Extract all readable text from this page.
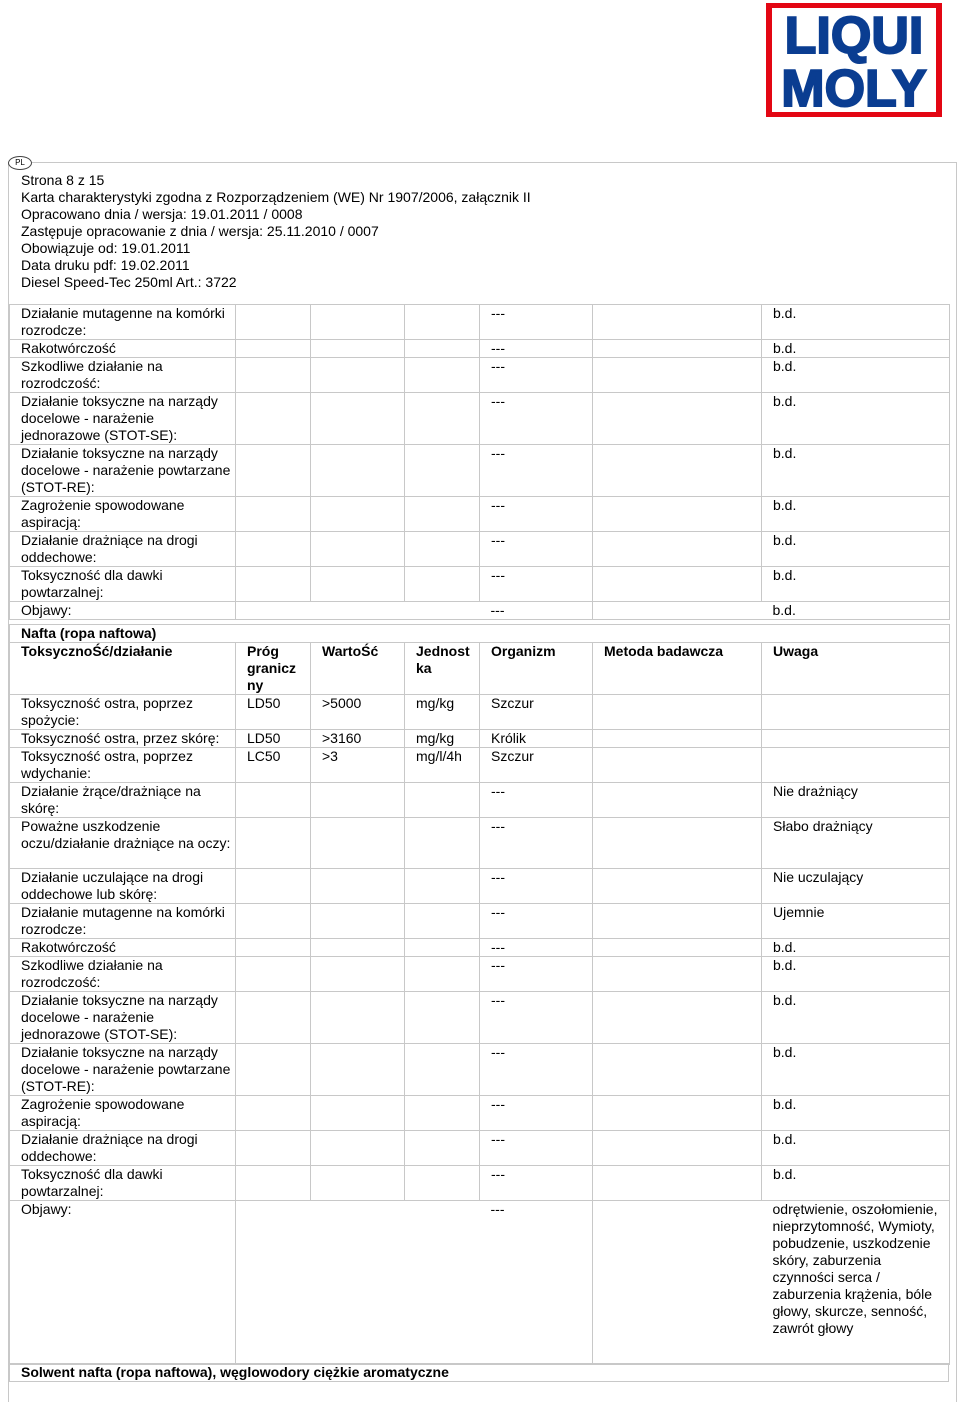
LIQUI
MOLY
PL
Strona 8 z 15
Karta charakterystyki zgodna z Rozporządzeniem (WE) Nr 1907/2006, załącznik II
Opracowano dnia / wersja: 19.01.2011 / 0008
Zastępuje opracowanie z dnia / wersja: 25.11.2010 / 0007
Obowiązuje od: 19.01.2011
Data druku pdf: 19.02.2011
Diesel Speed-Tec 250ml Art.: 3722
Działanie mutagenne na komórki rozrodcze:				---		b.d.
Rakotwórczość				---		b.d.
Szkodliwe działanie na rozrodczość:				---		b.d.
Działanie toksyczne na narządy docelowe - narażenie jednorazowe (STOT-SE):				---		b.d.
Działanie toksyczne na narządy docelowe - narażenie powtarzane (STOT-RE):				---		b.d.
Zagrożenie spowodowane aspiracją:				---		b.d.
Działanie drażniące na drogi oddechowe:				---		b.d.
Toksyczność dla dawki powtarzalnej:				---		b.d.
Objawy:				---		b.d.
Nafta (ropa naftowa)						
ToksycznoŚć/działanie	Próg granicz ny	WartoŚć	Jednost ka	Organizm	Metoda badawcza	Uwaga
Toksyczność ostra, poprzez spożycie:	LD50	>5000	mg/kg	Szczur		
Toksyczność ostra, przez skórę:	LD50	>3160	mg/kg	Królik		
Toksyczność ostra, poprzez wdychanie:	LC50	>3	mg/l/4h	Szczur		
Działanie żrące/drażniące na skórę:				---		Nie drażniący
Poważne uszkodzenie oczu/działanie drażniące na oczy:				---		Słabo drażniący
Działanie uczulające na drogi oddechowe lub skórę:				---		Nie uczulający
Działanie mutagenne na komórki rozrodcze:				---		Ujemnie
Rakotwórczość				---		b.d.
Szkodliwe działanie na rozrodczość:				---		b.d.
Działanie toksyczne na narządy docelowe - narażenie jednorazowe (STOT-SE):				---		b.d.
Działanie toksyczne na narządy docelowe - narażenie powtarzane (STOT-RE):				---		b.d.
Zagrożenie spowodowane aspiracją:				---		b.d.
Działanie drażniące na drogi oddechowe:				---		b.d.
Toksyczność dla dawki powtarzalnej:				---		b.d.
Objawy:				---		odrętwienie, oszołomienie, nieprzytomność, Wymioty, pobudzenie, uszkodzenie skóry, zaburzenia czynności serca / zaburzenia krążenia, bóle głowy, skurcze, senność, zawrót głowy
Solwent nafta (ropa naftowa), węglowodory ciężkie aromatyczne
